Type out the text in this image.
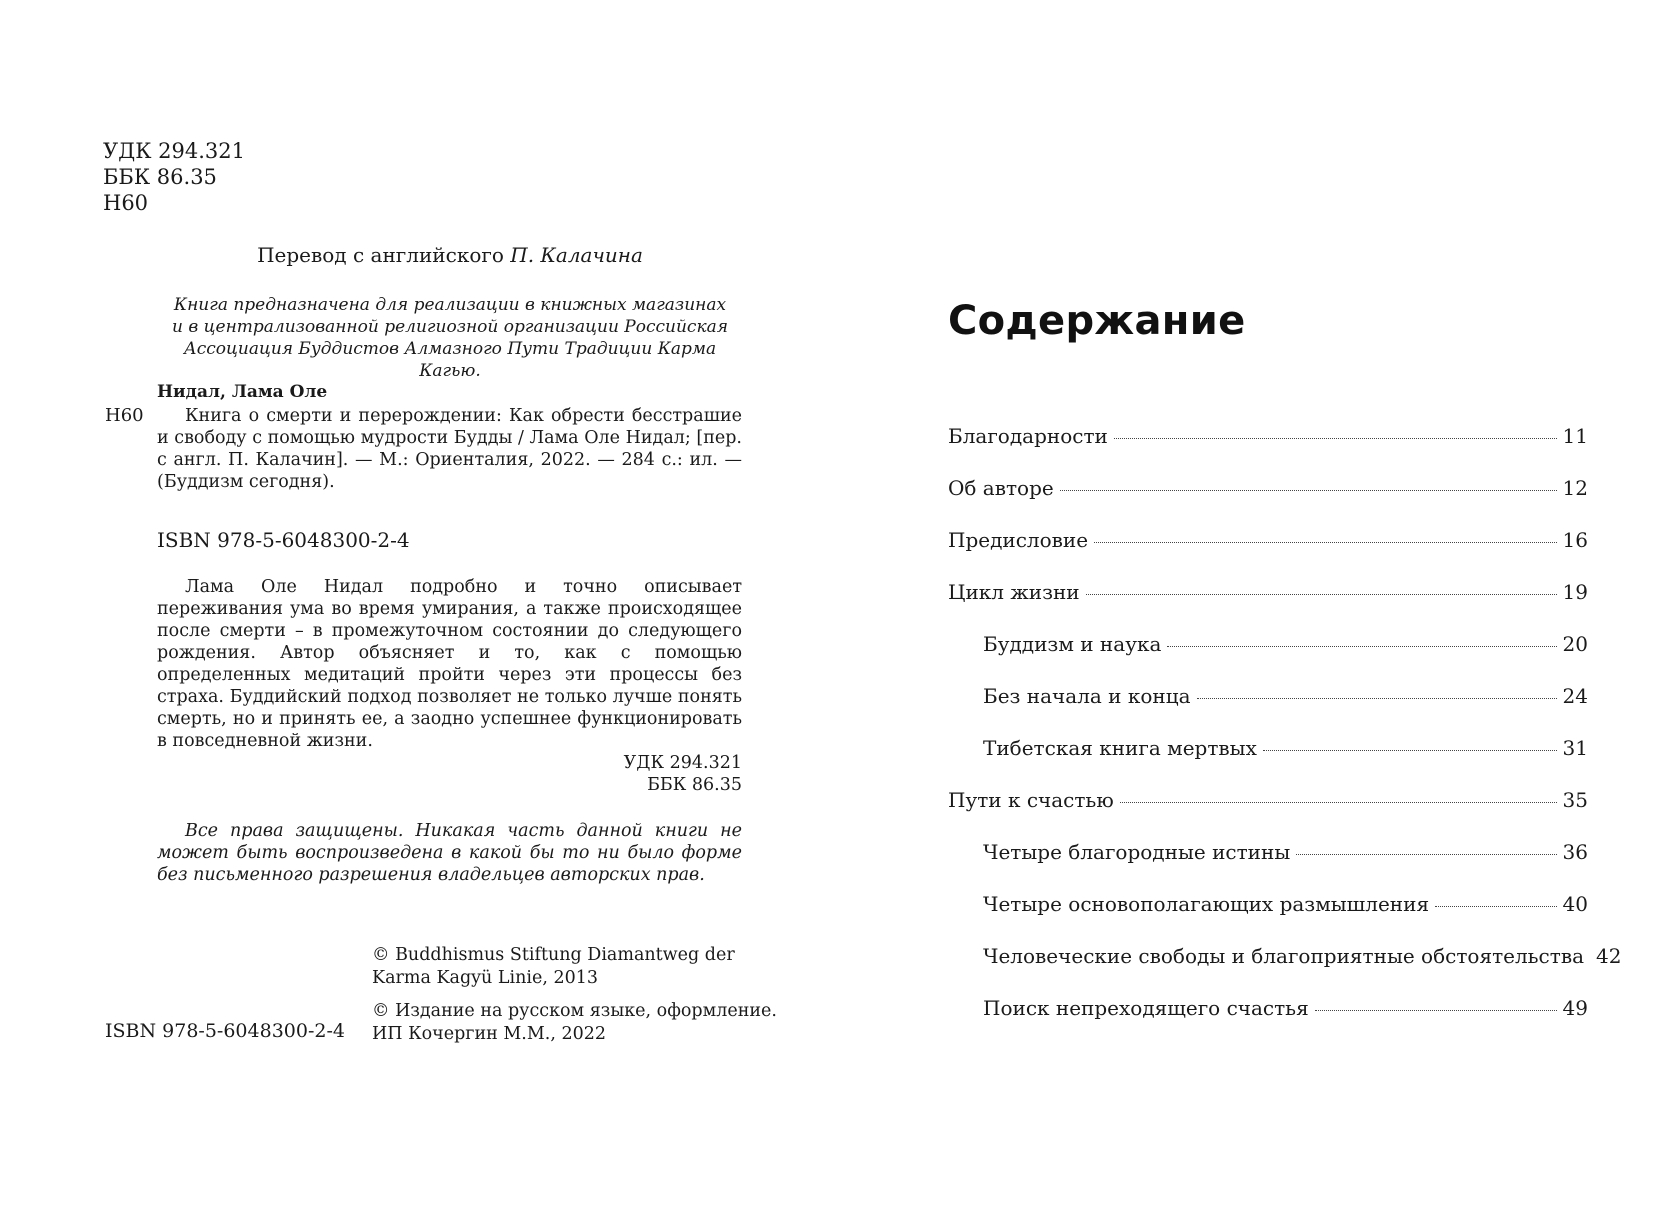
УДК 294.321
ББК 86.35
Н60
Перевод с английского П. Калачина
Книга предназначена для реализации в книжных магазинах
и в централизованной религиозной организации Российская
Ассоциация Буддистов Алмазного Пути Традиции Карма Кагью.
Нидал, Лама Оле
Н60	Книга о смерти и перерождении: Как обрести бесстрашие и свободу с помощью мудрости Будды / Лама Оле Нидал; [пер. с англ. П. Калачин]. — М.: Ориенталия, 2022. — 284 с.: ил. — (Буддизм сегодня).
ISBN 978-5-6048300-2-4
Лама Оле Нидал подробно и точно описывает переживания ума во время умирания, а также происходящее после смерти – в промежуточном состоянии до следующего рождения. Автор объясняет и то, как с помощью определенных медитаций пройти через эти процессы без страха. Буддийский подход позволяет не только лучше понять смерть, но и принять ее, а заодно успешнее функционировать в повседневной жизни.
УДК 294.321
ББК 86.35
Все права защищены. Никакая часть данной книги не может быть воспроизведена в какой бы то ни было форме без письменного разрешения владельцев авторских прав.
© Buddhismus Stiftung Diamantweg der
Karma Kagyü Linie, 2013
© Издание на русском языке, оформление.
ИП Кочергин М.М., 2022
ISBN 978-5-6048300-2-4
Содержание
Благодарности	11
Об авторе	12
Предисловие	16
Цикл жизни	19
Буддизм и наука	20
Без начала и конца	24
Тибетская книга мертвых	31
Пути к счастью	35
Четыре благородные истины	36
Четыре основополагающих размышления	40
Человеческие свободы и благоприятные обстоятельства 42
Поиск непреходящего счастья	49
